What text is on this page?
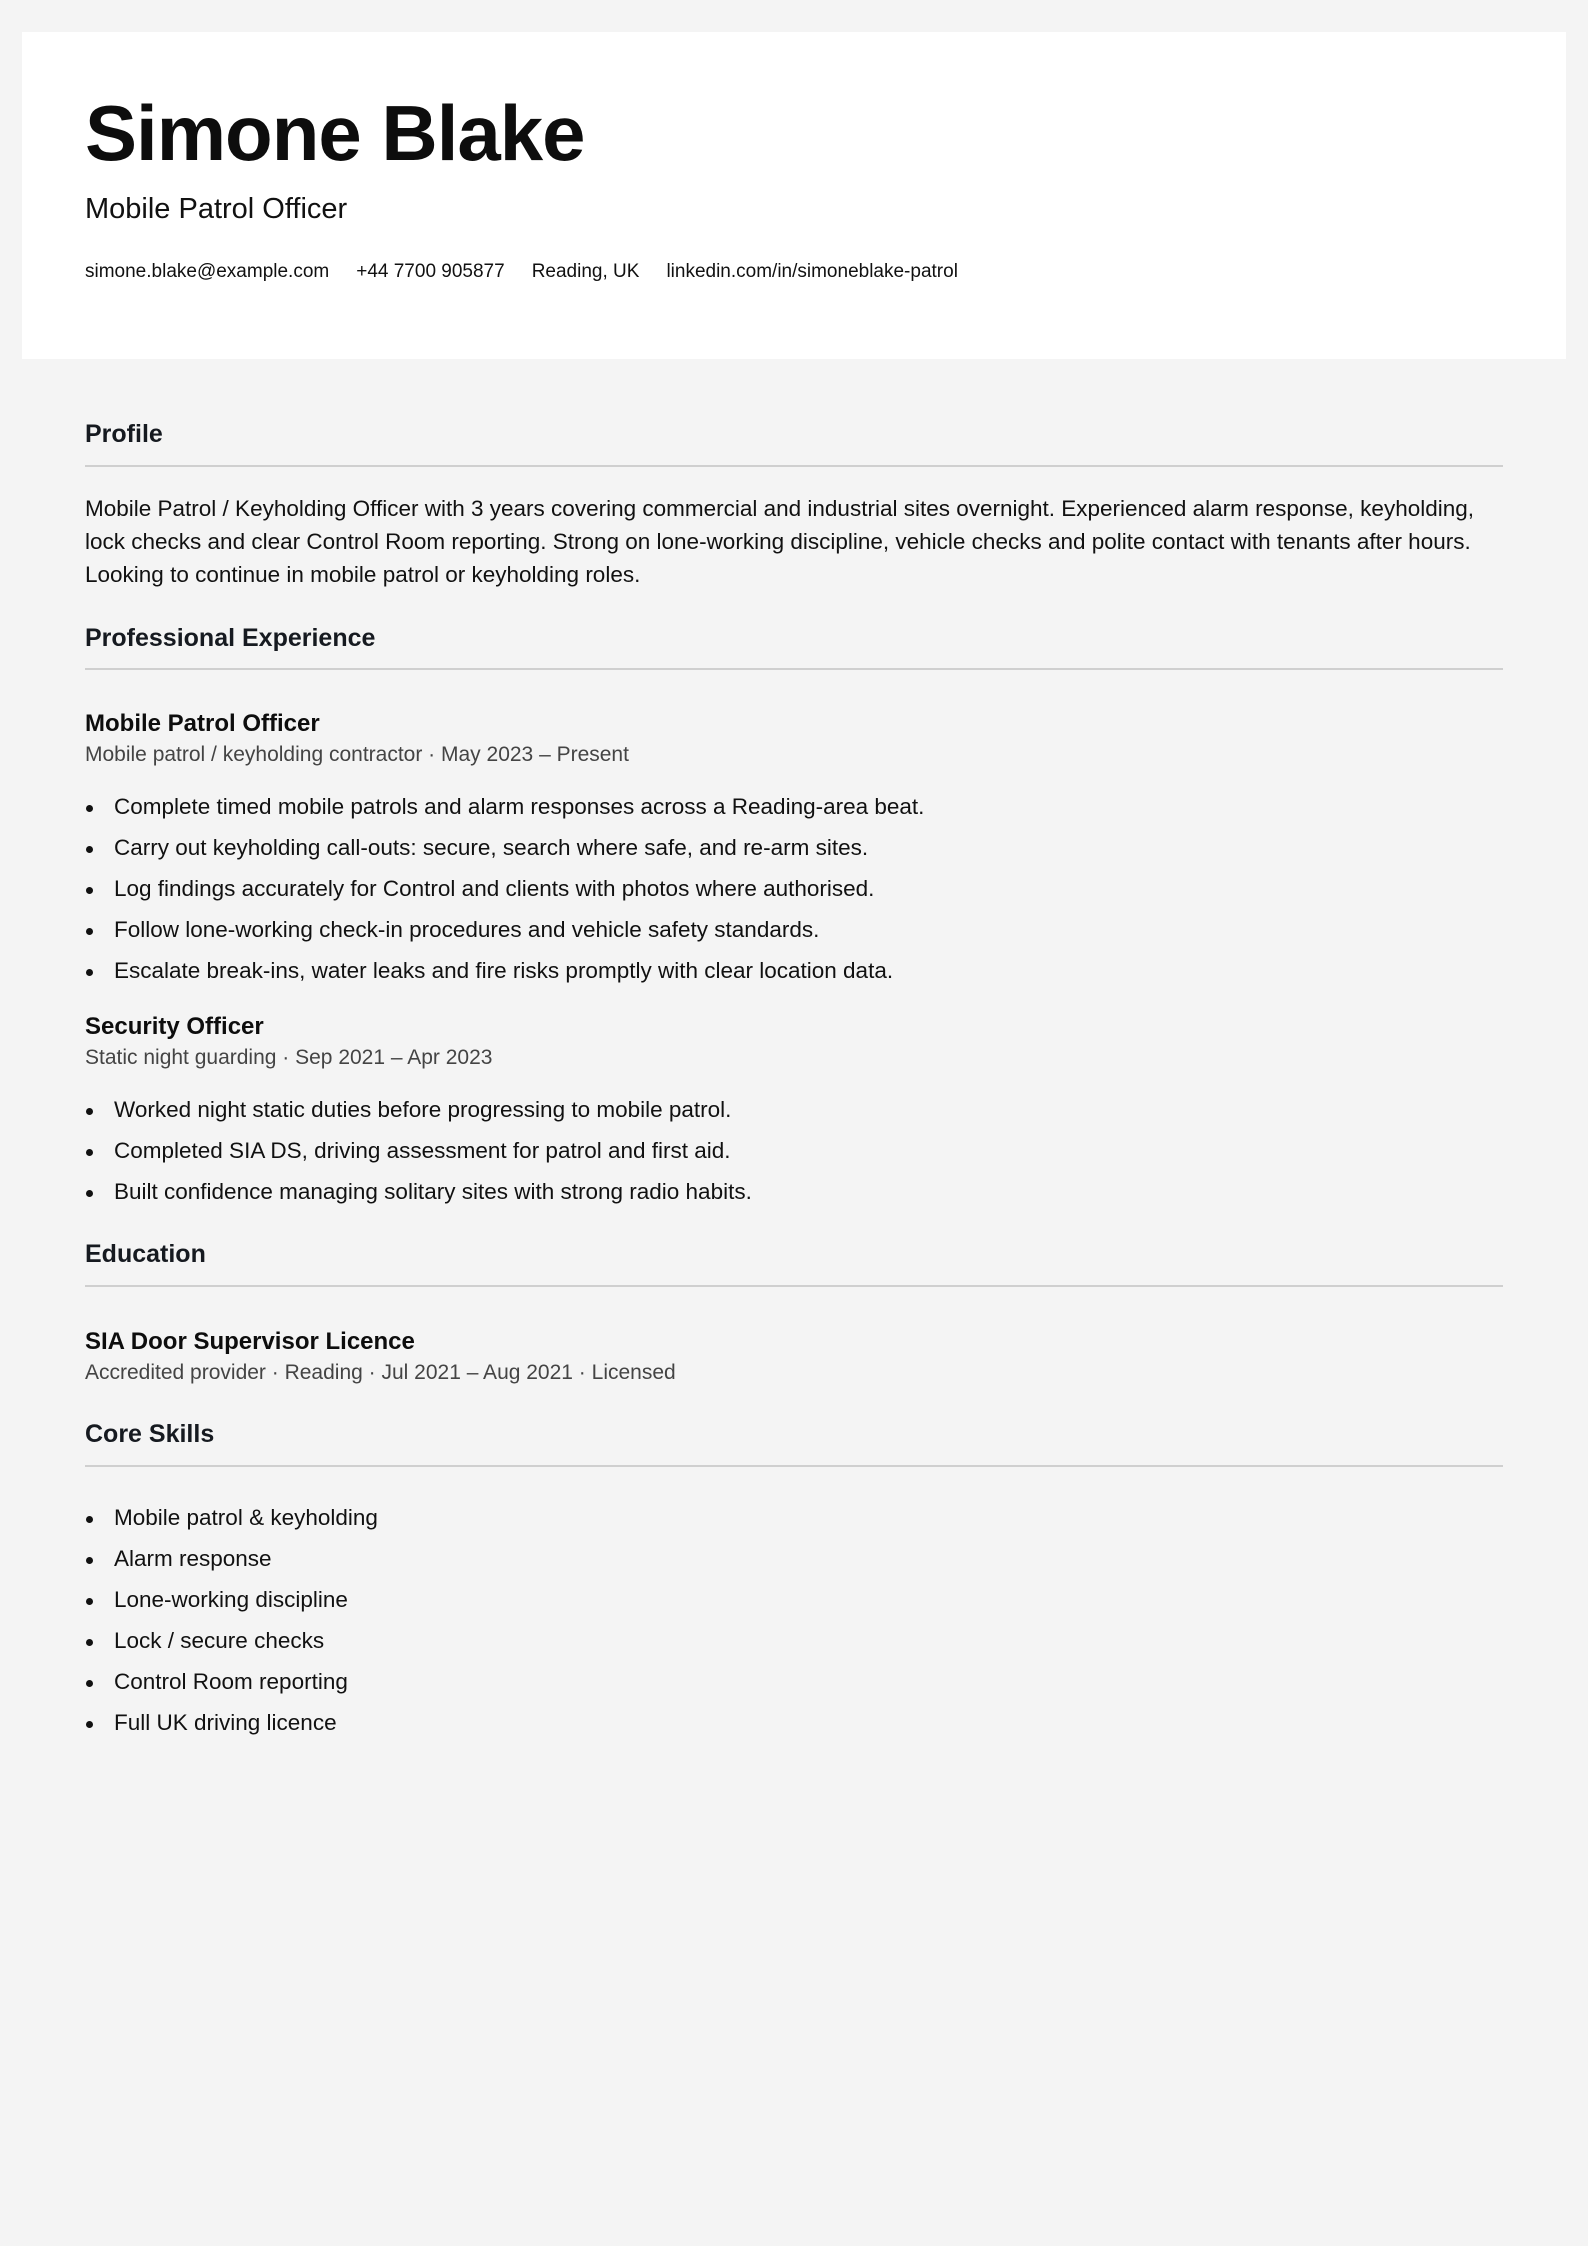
Simone Blake
Mobile Patrol Officer
simone.blake@example.com +44 7700 905877 Reading, UK linkedin.com/in/simoneblake-patrol
Profile

Mobile Patrol / Keyholding Officer with 3 years covering commercial and industrial sites overnight. Experienced alarm response, keyholding, lock checks and clear Control Room reporting. Strong on lone-working discipline, vehicle checks and polite contact with tenants after hours. Looking to continue in mobile patrol or keyholding roles.

Professional Experience
Mobile Patrol Officer
Mobile patrol / keyholding contractor · May 2023 – Present
Complete timed mobile patrols and alarm responses across a Reading-area beat.
Carry out keyholding call-outs: secure, search where safe, and re-arm sites.
Log findings accurately for Control and clients with photos where authorised.
Follow lone-working check-in procedures and vehicle safety standards.
Escalate break-ins, water leaks and fire risks promptly with clear location data.
Security Officer
Static night guarding · Sep 2021 – Apr 2023
Worked night static duties before progressing to mobile patrol.
Completed SIA DS, driving assessment for patrol and first aid.
Built confidence managing solitary sites with strong radio habits.
Education
SIA Door Supervisor Licence
Accredited provider · Reading · Jul 2021 – Aug 2021 · Licensed
Core Skills
Mobile patrol & keyholding
Alarm response
Lone-working discipline
Lock / secure checks
Control Room reporting
Full UK driving licence
